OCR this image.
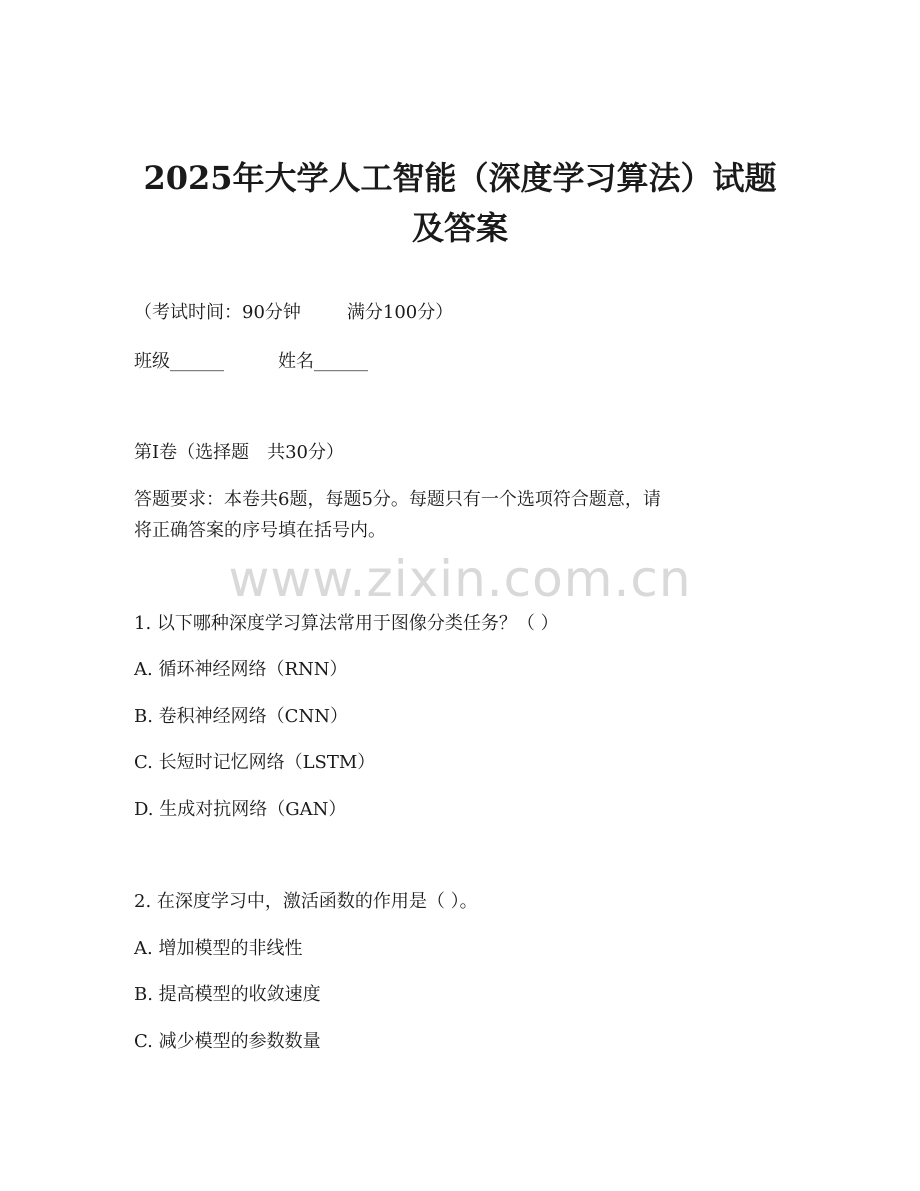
2025年大学人工智能（深度学习算法）试题
及答案

（考试时间：90分钟	满分100分）

班级______	姓名______

第Ⅰ卷（选择题　共30分）

答题要求：本卷共6题，每题5分。每题只有一个选项符合题意，请

将正确答案的序号填在括号内。

www.zixin.com.cn

1. 以下哪种深度学习算法常用于图像分类任务？（ ）

A. 循环神经网络（RNN）

B. 卷积神经网络（CNN）

C. 长短时记忆网络（LSTM）

D. 生成对抗网络（GAN）

2. 在深度学习中，激活函数的作用是（ ）。

A. 增加模型的非线性

B. 提高模型的收敛速度

C. 减少模型的参数数量
